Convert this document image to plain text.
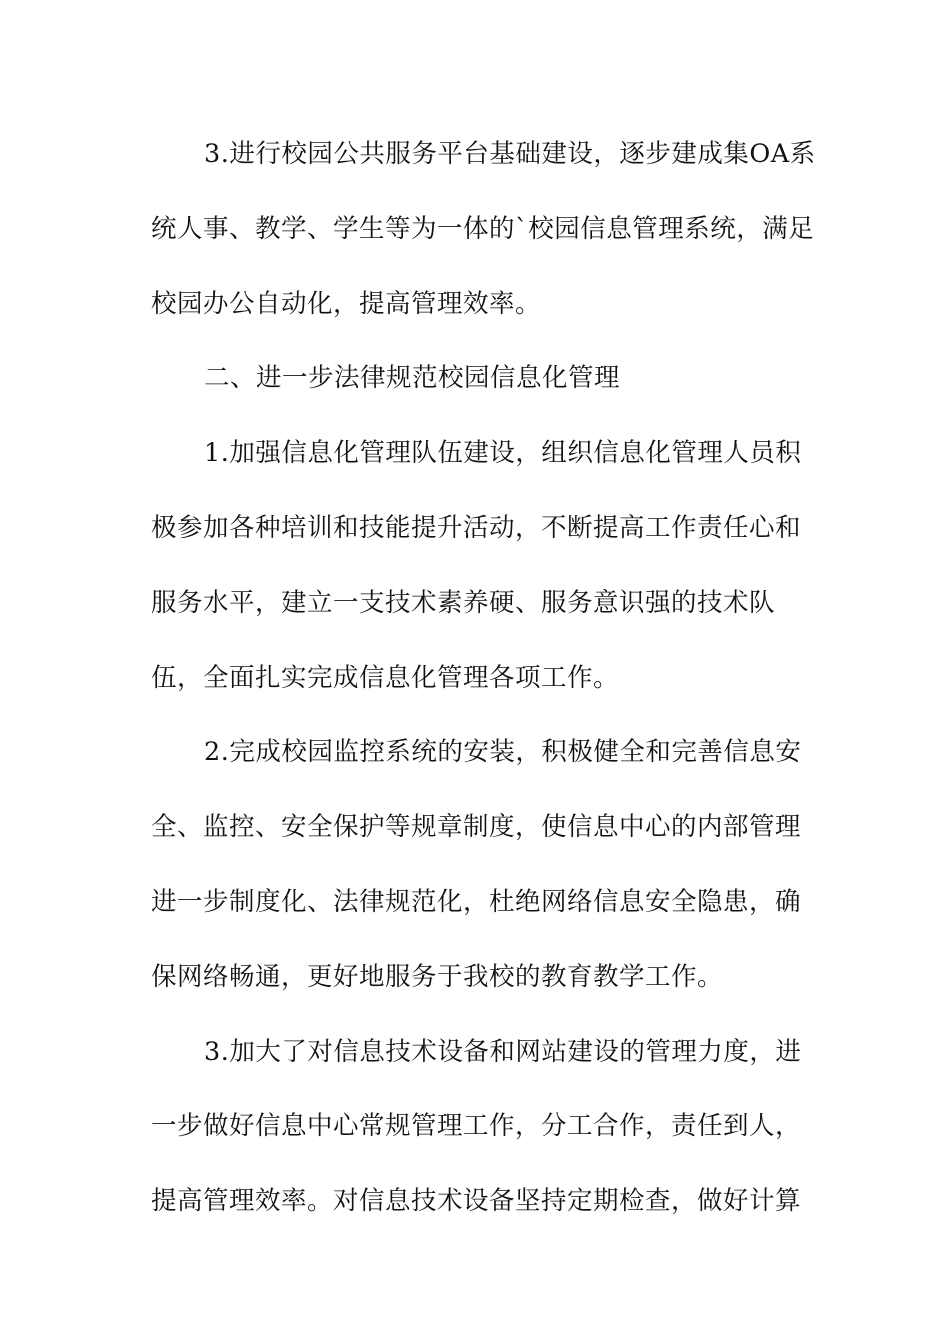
3.进行校园公共服务平台基础建设，逐步建成集OA系
统人事、教学、学生等为一体的`校园信息管理系统，满足
校园办公自动化，提高管理效率。
二、进一步法律规范校园信息化管理
1.加强信息化管理队伍建设，组织信息化管理人员积
极参加各种培训和技能提升活动，不断提高工作责任心和
服务水平，建立一支技术素养硬、服务意识强的技术队
伍，全面扎实完成信息化管理各项工作。
2.完成校园监控系统的安装，积极健全和完善信息安
全、监控、安全保护等规章制度，使信息中心的内部管理
进一步制度化、法律规范化，杜绝网络信息安全隐患，确
保网络畅通，更好地服务于我校的教育教学工作。
3.加大了对信息技术设备和网站建设的管理力度，进
一步做好信息中心常规管理工作，分工合作，责任到人，
提高管理效率。对信息技术设备坚持定期检查，做好计算
